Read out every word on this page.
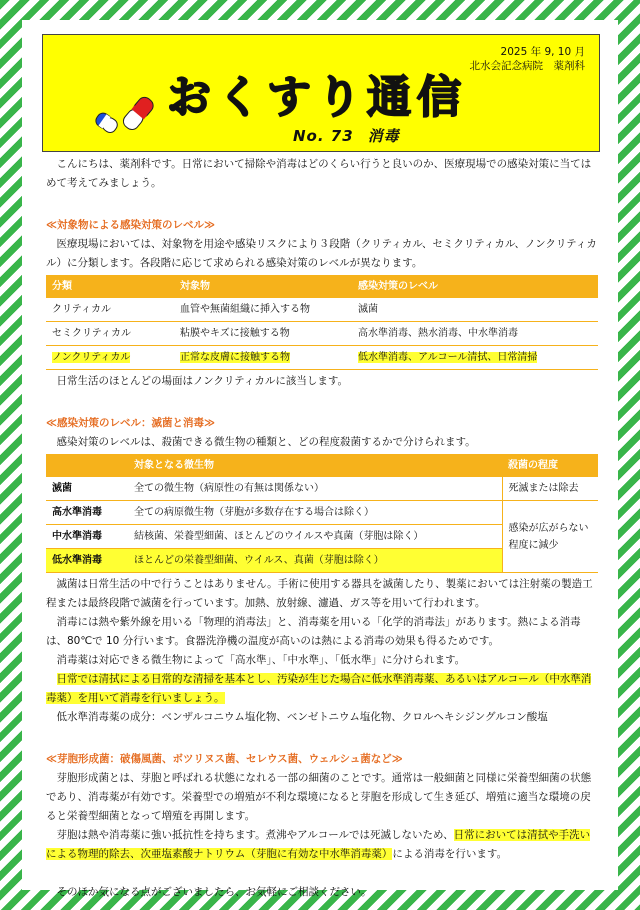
2025 年 9, 10 月
北水会記念病院　薬剤科
おくすり通信
No. 73 消毒
こんにちは、薬剤科です。日常において掃除や消毒はどのくらい行うと良いのか、医療現場での感染対策に当てはめて考えてみましょう。
≪対象物による感染対策のレベル≫
医療現場においては、対象物を用途や感染リスクにより３段階（クリティカル、セミクリティカル、ノンクリティカル）に分類します。各段階に応じて求められる感染対策のレベルが異なります。
分類	対象物	感染対策のレベル
クリティカル	血管や無菌組織に挿入する物	滅菌
セミクリティカル	粘膜やキズに接触する物	高水準消毒、熱水消毒、中水準消毒
ノンクリティカル	正常な皮膚に接触する物	低水準消毒、アルコール清拭、日常清掃
日常生活のほとんどの場面はノンクリティカルに該当します。
≪感染対策のレベル：滅菌と消毒≫
感染対策のレベルは、殺菌できる微生物の種類と、どの程度殺菌するかで分けられます。
	対象となる微生物	殺菌の程度
滅菌	全ての微生物（病原性の有無は関係ない）	死滅または除去
高水準消毒	全ての病原微生物（芽胞が多数存在する場合は除く）	感染が広がらない程度に減少
中水準消毒	結核菌、栄養型細菌、ほとんどのウイルスや真菌（芽胞は除く）	
低水準消毒	ほとんどの栄養型細菌、ウイルス、真菌（芽胞は除く）	
滅菌は日常生活の中で行うことはありません。手術に使用する器具を滅菌したり、製薬においては注射薬の製造工程または最終段階で滅菌を行っています。加熱、放射線、濾過、ガス等を用いて行われます。
消毒には熱や紫外線を用いる「物理的消毒法」と、消毒薬を用いる「化学的消毒法」があります。熱による消毒は、80℃で 10 分行います。食器洗浄機の温度が高いのは熱による消毒の効果も得るためです。
消毒薬は対応できる微生物によって「高水準」、「中水準」、「低水準」に分けられます。
日常では清拭による日常的な清掃を基本とし、汚染が生じた場合に低水準消毒薬、あるいはアルコール（中水準消毒薬）を用いて消毒を行いましょう。
低水準消毒薬の成分：ベンザルコニウム塩化物、ベンゼトニウム塩化物、クロルヘキシジングルコン酸塩
≪芽胞形成菌：破傷風菌、ボツリヌス菌、セレウス菌、ウェルシュ菌など≫
芽胞形成菌とは、芽胞と呼ばれる状態になれる一部の細菌のことです。通常は一般細菌と同様に栄養型細菌の状態であり、消毒薬が有効です。栄養型での増殖が不利な環境になると芽胞を形成して生き延び、増殖に適当な環境の戻ると栄養型細菌となって増殖を再開します。
芽胞は熱や消毒薬に強い抵抗性を持ちます。煮沸やアルコールでは死滅しないため、日常においては清拭や手洗いによる物理的除去、次亜塩素酸ナトリウム（芽胞に有効な中水準消毒薬）による消毒を行います。
そのほか気になる点がございましたら、お気軽にご相談ください。
